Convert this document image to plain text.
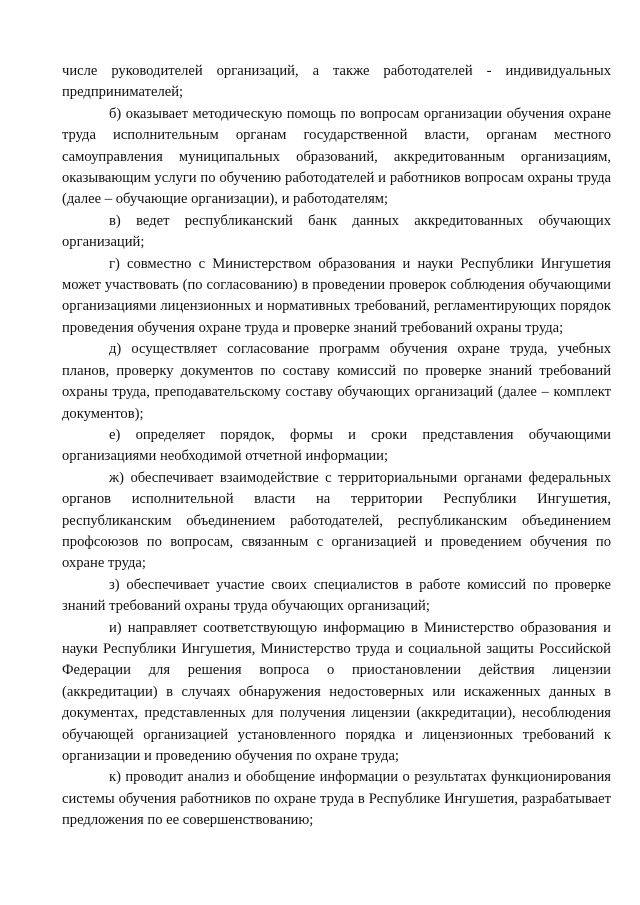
числе руководителей организаций, а также работодателей - индивидуальных предпринимателей;

б) оказывает методическую помощь по вопросам организации обучения охране труда исполнительным органам государственной власти, органам местного самоуправления муниципальных образований, аккредитованным организациям, оказывающим услуги по обучению работодателей и работников вопросам охраны труда (далее – обучающие организации), и работодателям;

в) ведет республиканский банк данных аккредитованных обучающих организаций;

г) совместно с Министерством образования и науки Республики Ингушетия может участвовать (по согласованию) в проведении проверок соблюдения обучающими организациями лицензионных и нормативных требований, регламентирующих порядок проведения обучения охране труда и проверке знаний требований охраны труда;

д) осуществляет согласование программ обучения охране труда, учебных планов, проверку документов по составу комиссий по проверке знаний требований охраны труда, преподавательскому составу обучающих организаций (далее – комплект документов);

е) определяет порядок, формы и сроки представления обучающими организациями необходимой отчетной информации;

ж) обеспечивает взаимодействие с территориальными органами федеральных органов исполнительной власти на территории Республики Ингушетия, республиканским объединением работодателей, республиканским объединением профсоюзов по вопросам, связанным с организацией и проведением обучения по охране труда;

з) обеспечивает участие своих специалистов в работе комиссий по проверке знаний требований охраны труда обучающих организаций;

и) направляет соответствующую информацию в Министерство образования и науки Республики Ингушетия, Министерство труда и социальной защиты Российской Федерации для решения вопроса о приостановлении действия лицензии (аккредитации) в случаях обнаружения недостоверных или искаженных данных в документах, представленных для получения лицензии (аккредитации), несоблюдения обучающей организацией установленного порядка и лицензионных требований к организации и проведению обучения по охране труда;

к) проводит анализ и обобщение информации о результатах функционирования системы обучения работников по охране труда в Республике Ингушетия, разрабатывает предложения по ее совершенствованию;
